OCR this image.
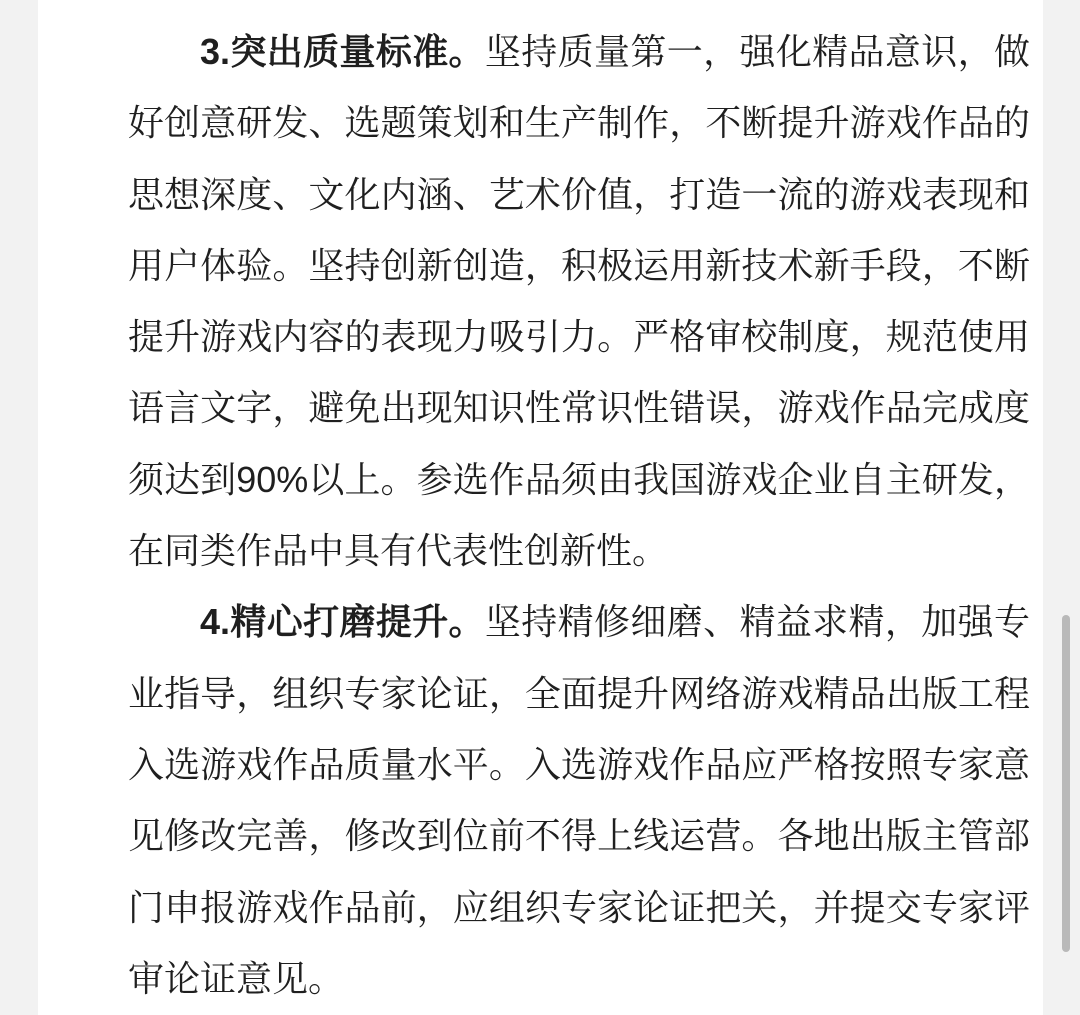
3.突出质量标准。坚持质量第一，强化精品意识，做
好创意研发、选题策划和生产制作，不断提升游戏作品的
思想深度、文化内涵、艺术价值，打造一流的游戏表现和
用户体验。坚持创新创造，积极运用新技术新手段，不断
提升游戏内容的表现力吸引力。严格审校制度，规范使用
语言文字，避免出现知识性常识性错误，游戏作品完成度
须达到90%以上。参选作品须由我国游戏企业自主研发，
在同类作品中具有代表性创新性。
4.精心打磨提升。坚持精修细磨、精益求精，加强专
业指导，组织专家论证，全面提升网络游戏精品出版工程
入选游戏作品质量水平。入选游戏作品应严格按照专家意
见修改完善，修改到位前不得上线运营。各地出版主管部
门申报游戏作品前，应组织专家论证把关，并提交专家评
审论证意见。
